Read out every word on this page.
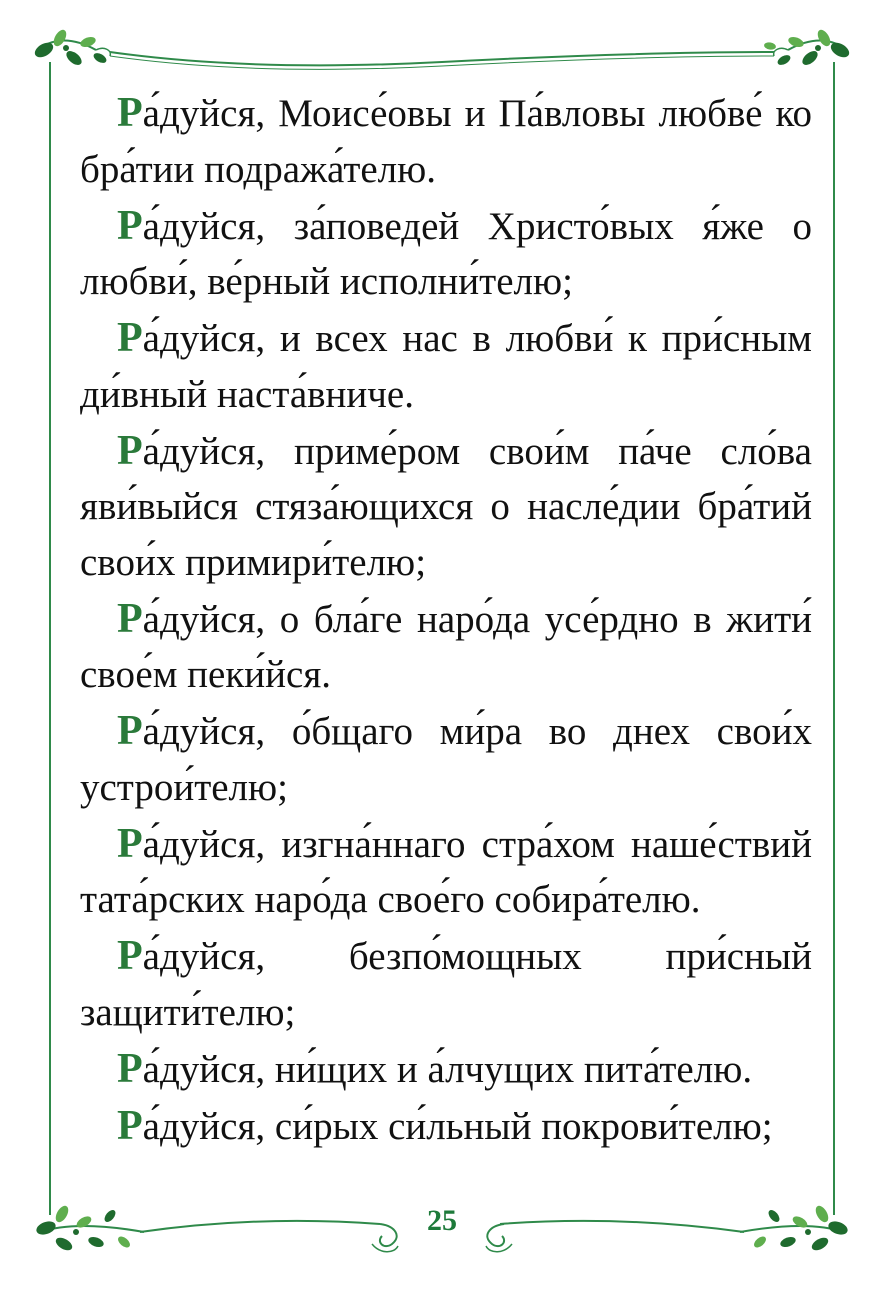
Ра́дуйся, Моисе́овы и Па́вловы любве́ ко бра́тии подража́телю.

Ра́дуйся, за́поведей Христо́вых я́же о любви́, ве́рный исполни́телю;

Ра́дуйся, и всех нас в любви́ к при́сным ди́вный наста́вниче.

Ра́дуйся, приме́ром свои́м па́че сло́ва яви́выйся стяза́ющихся о насле́дии бра́тий свои́х примири́телю;

Ра́дуйся, о бла́ге наро́да усе́рдно в жити́ свое́м пеки́йся.

Ра́дуйся, о́бщаго ми́ра во днех свои́х устрои́телю;

Ра́дуйся, изгна́ннаго стра́хом наше́ствий тата́рских наро́да свое́го собира́телю.

Ра́дуйся, безпо́мощных при́сный защити́телю;

Ра́дуйся, ни́щих и а́лчущих пита́телю.

Ра́дуйся, си́рых си́льный покрови́телю;

25
